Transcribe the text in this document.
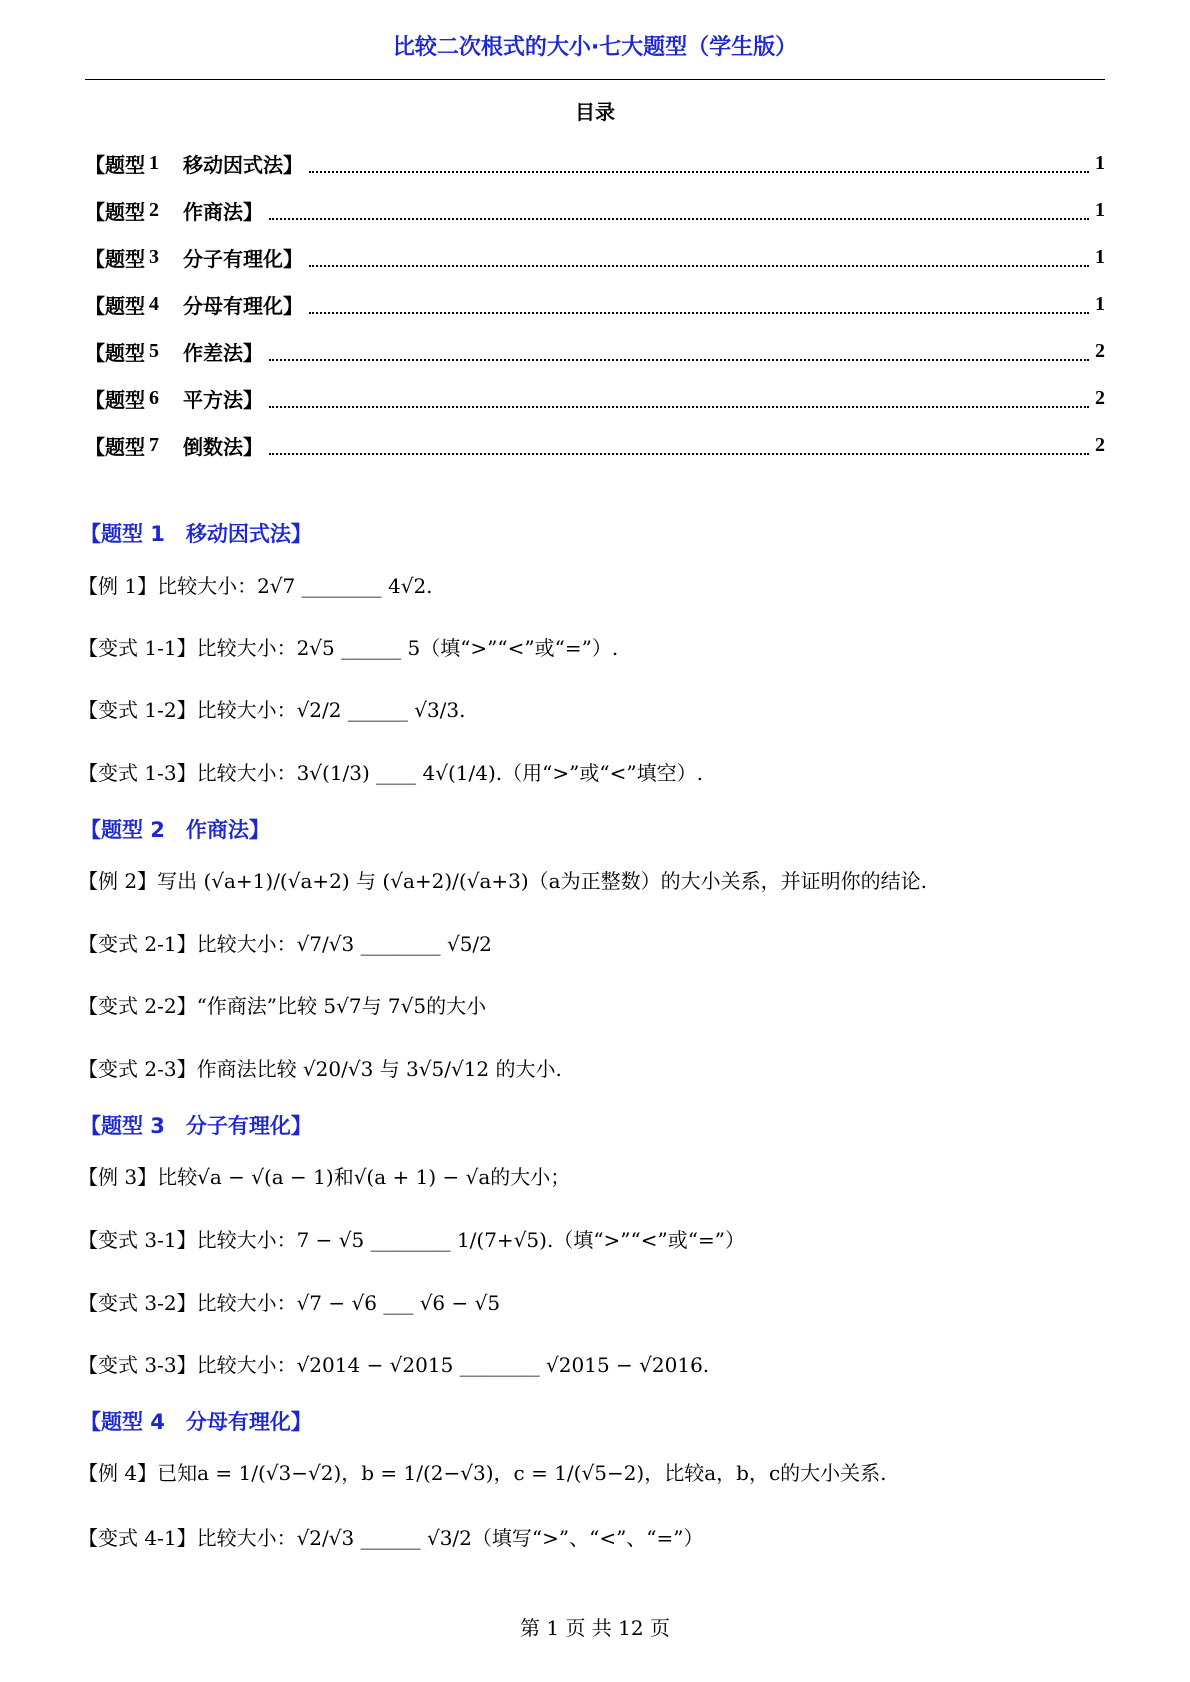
比较二次根式的大小·七大题型（学生版）
目录
【题型 1 移动因式法】	1
【题型 2 作商法】	1
【题型 3 分子有理化】	1
【题型 4 分母有理化】	1
【题型 5 作差法】	2
【题型 6 平方法】	2
【题型 7 倒数法】	2
【题型 1　移动因式法】
【例 1】比较大小：2√7 ________ 4√2.
【变式 1-1】比较大小：2√5 ______ 5（填“>”“<”或“=”）.
【变式 1-2】比较大小：√2/2 ______ √3/3.
【变式 1-3】比较大小：3√(1/3) ____ 4√(1/4).（用“>”或“<”填空）.
【题型 2　作商法】
【例 2】写出 (√a+1)/(√a+2) 与 (√a+2)/(√a+3)（a为正整数）的大小关系，并证明你的结论.
【变式 2-1】比较大小：√7/√3 ________ √5/2
【变式 2-2】“作商法”比较 5√7与 7√5的大小
【变式 2-3】作商法比较 √20/√3 与 3√5/√12 的大小.
【题型 3　分子有理化】
【例 3】比较√a − √(a − 1)和√(a + 1) − √a的大小；
【变式 3-1】比较大小：7 − √5 ________ 1/(7+√5).（填“>”“<”或“=”）
【变式 3-2】比较大小：√7 − √6 ___ √6 − √5
【变式 3-3】比较大小：√2014 − √2015 ________ √2015 − √2016.
【题型 4　分母有理化】
【例 4】已知a = 1/(√3−√2)，b = 1/(2−√3)，c = 1/(√5−2)，比较a，b，c的大小关系.
【变式 4-1】比较大小：√2/√3 ______ √3/2（填写“>”、“<”、“=”）
第 1 页 共 12 页
